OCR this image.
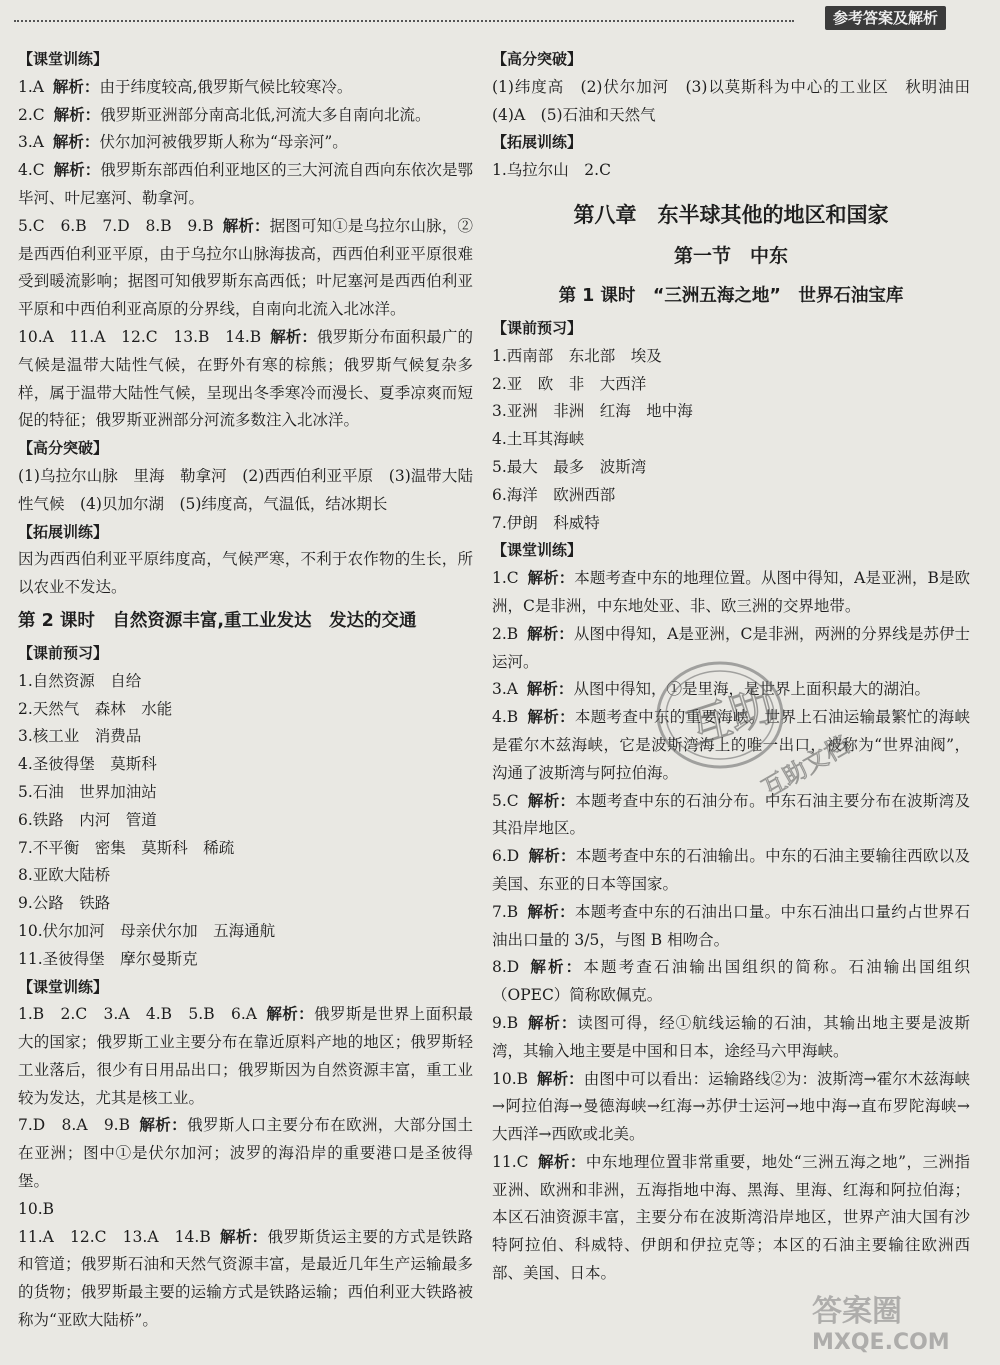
参考答案及解析

【课堂训练】

1.A 解析：由于纬度较高,俄罗斯气候比较寒冷。

2.C 解析：俄罗斯亚洲部分南高北低,河流大多自南向北流。

3.A 解析：伏尔加河被俄罗斯人称为“母亲河”。

4.C 解析：俄罗斯东部西伯利亚地区的三大河流自西向东依次是鄂毕河、叶尼塞河、勒拿河。

5.C　6.B　7.D　8.B　9.B 解析：据图可知①是乌拉尔山脉，②是西西伯利亚平原，由于乌拉尔山脉海拔高，西西伯利亚平原很难受到暖流影响；据图可知俄罗斯东高西低；叶尼塞河是西西伯利亚平原和中西伯利亚高原的分界线，自南向北流入北冰洋。

10.A　11.A　12.C　13.B　14.B 解析：俄罗斯分布面积最广的气候是温带大陆性气候，在野外有寒的棕熊；俄罗斯气候复杂多样，属于温带大陆性气候，呈现出冬季寒冷而漫长、夏季凉爽而短促的特征；俄罗斯亚洲部分河流多数注入北冰洋。

【高分突破】

(1)乌拉尔山脉　里海　勒拿河　(2)西西伯利亚平原　(3)温带大陆性气候　(4)贝加尔湖　(5)纬度高，气温低，结冰期长

【拓展训练】

因为西西伯利亚平原纬度高，气候严寒，不利于农作物的生长，所以农业不发达。

第 2 课时　自然资源丰富,重工业发达　发达的交通

【课前预习】

1.自然资源　自给

2.天然气　森林　水能

3.核工业　消费品

4.圣彼得堡　莫斯科

5.石油　世界加油站

6.铁路　内河　管道

7.不平衡　密集　莫斯科　稀疏

8.亚欧大陆桥

9.公路　铁路

10.伏尔加河　母亲伏尔加　五海通航

11.圣彼得堡　摩尔曼斯克

【课堂训练】

1.B　2.C　3.A　4.B　5.B　6.A 解析：俄罗斯是世界上面积最大的国家；俄罗斯工业主要分布在靠近原料产地的地区；俄罗斯轻工业落后，很少有日用品出口；俄罗斯因为自然资源丰富，重工业较为发达，尤其是核工业。

7.D　8.A　9.B 解析：俄罗斯人口主要分布在欧洲，大部分国土在亚洲；图中①是伏尔加河；波罗的海沿岸的重要港口是圣彼得堡。

10.B

11.A　12.C　13.A　14.B 解析：俄罗斯货运主要的方式是铁路和管道；俄罗斯石油和天然气资源丰富，是最近几年生产运输最多的货物；俄罗斯最主要的运输方式是铁路运输；西伯利亚大铁路被称为“亚欧大陆桥”。

【高分突破】

(1)纬度高　(2)伏尔加河　(3)以莫斯科为中心的工业区　秋明油田　(4)A　(5)石油和天然气

【拓展训练】

1.乌拉尔山　2.C

第八章　东半球其他的地区和国家

第一节　中东

第 1 课时　“三洲五海之地”　世界石油宝库

【课前预习】

1.西南部　东北部　埃及

2.亚　欧　非　大西洋

3.亚洲　非洲　红海　地中海

4.土耳其海峡

5.最大　最多　波斯湾

6.海洋　欧洲西部

7.伊朗　科威特

【课堂训练】

1.C 解析：本题考查中东的地理位置。从图中得知，A是亚洲，B是欧洲，C是非洲，中东地处亚、非、欧三洲的交界地带。

2.B 解析：从图中得知，A是亚洲，C是非洲，两洲的分界线是苏伊士运河。

3.A 解析：从图中得知，①是里海，是世界上面积最大的湖泊。

4.B 解析：本题考查中东的重要海峡。世界上石油运输最繁忙的海峡是霍尔木兹海峡，它是波斯湾海上的唯一出口，被称为“世界油阀”，沟通了波斯湾与阿拉伯海。

5.C 解析：本题考查中东的石油分布。中东石油主要分布在波斯湾及其沿岸地区。

6.D 解析：本题考查中东的石油输出。中东的石油主要输往西欧以及美国、东亚的日本等国家。

7.B 解析：本题考查中东的石油出口量。中东石油出口量约占世界石油出口量的 3/5，与图 B 相吻合。

8.D 解析：本题考查石油输出国组织的简称。石油输出国组织（OPEC）简称欧佩克。

9.B 解析：读图可得，经①航线运输的石油，其输出地主要是波斯湾，其输入地主要是中国和日本，途经马六甲海峡。

10.B 解析：由图中可以看出：运输路线②为：波斯湾→霍尔木兹海峡→阿拉伯海→曼德海峡→红海→苏伊士运河→地中海→直布罗陀海峡→大西洋→西欧或北美。

11.C 解析：中东地理位置非常重要，地处“三洲五海之地”，三洲指亚洲、欧洲和非洲，五海指地中海、黑海、里海、红海和阿拉伯海；本区石油资源丰富，主要分布在波斯湾沿岸地区，世界产油大国有沙特阿拉伯、科威特、伊朗和伊拉克等；本区的石油主要输往欧洲西部、美国、日本。

互助
互助文档
答案圈
MXQE.COM
